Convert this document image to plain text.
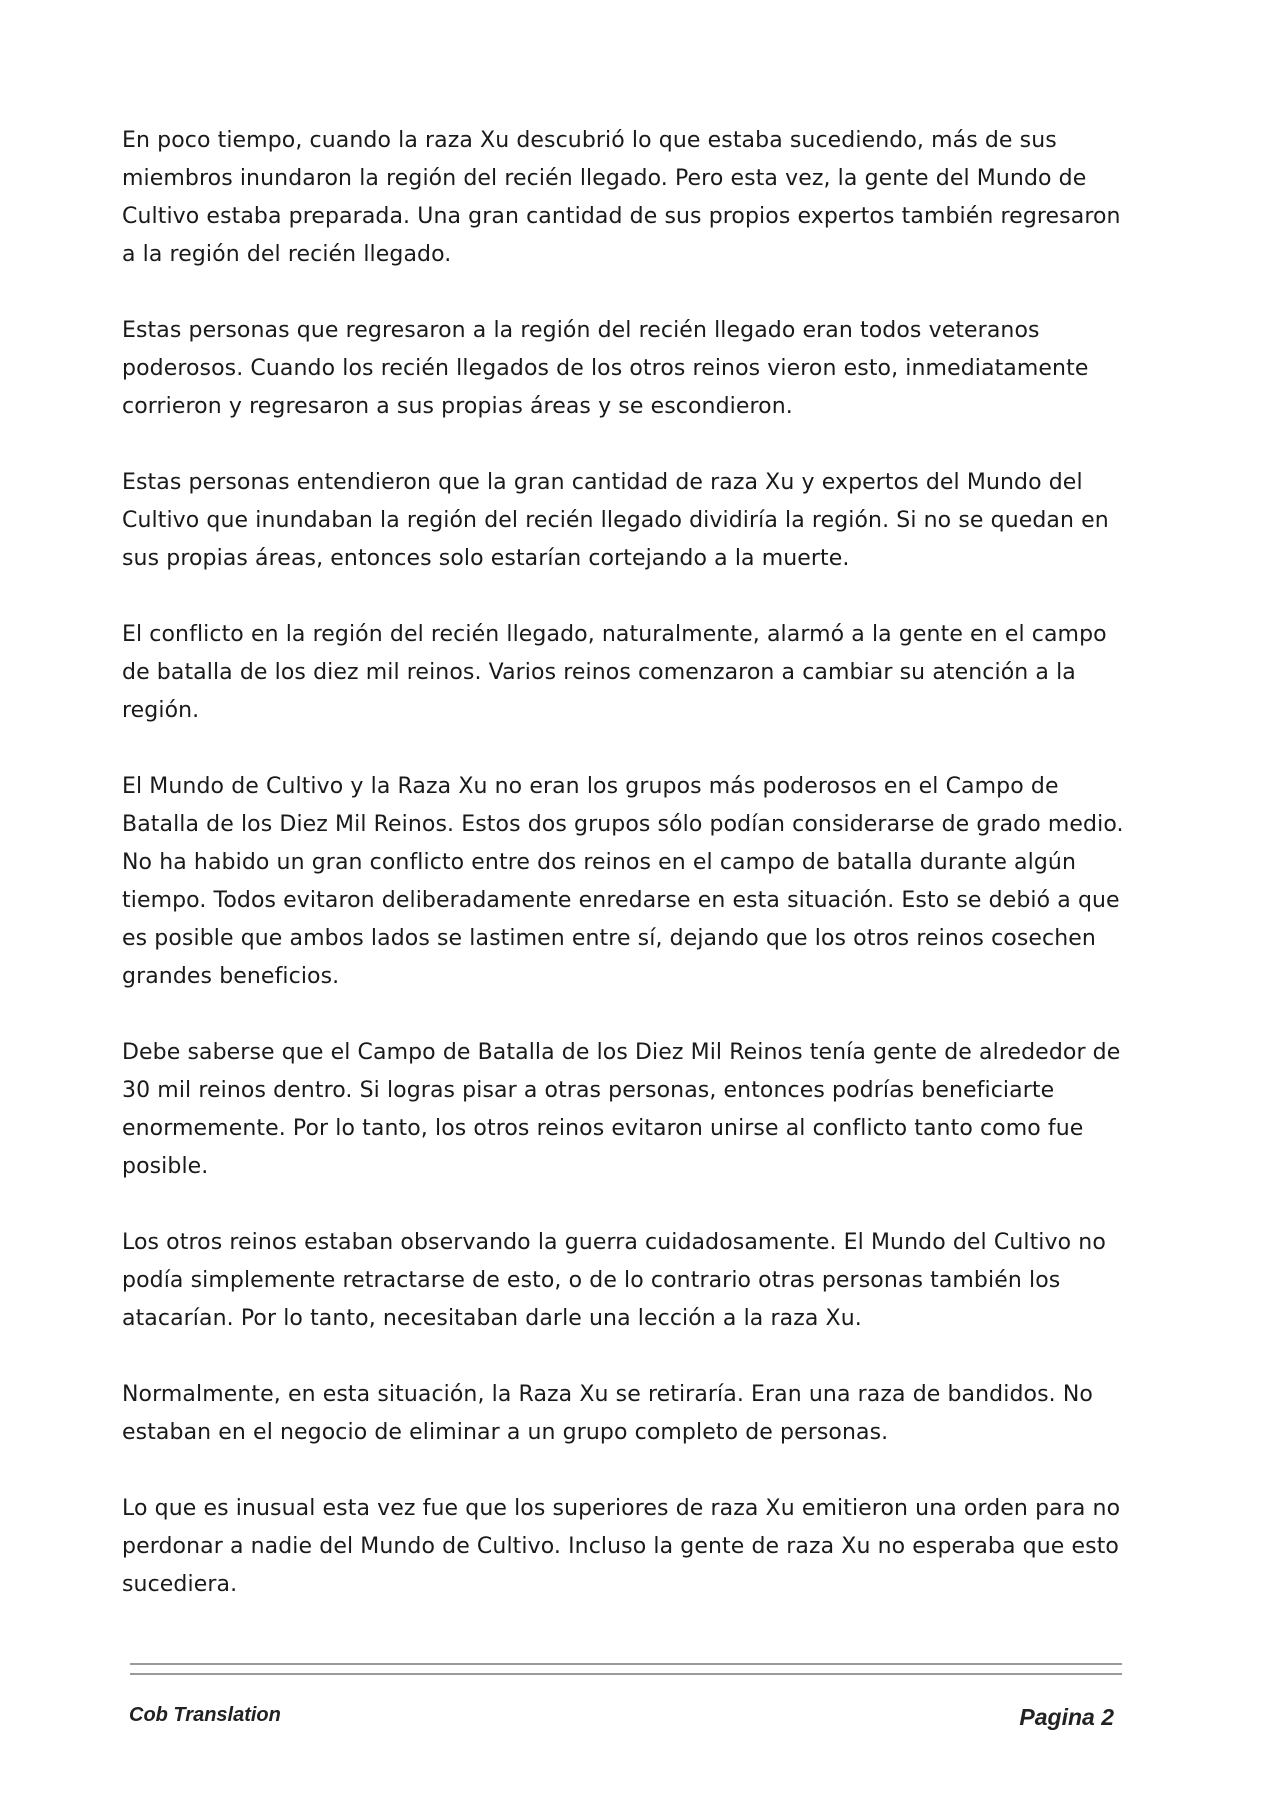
En poco tiempo, cuando la raza Xu descubrió lo que estaba sucediendo, más de sus miembros inundaron la región del recién llegado. Pero esta vez, la gente del Mundo de Cultivo estaba preparada. Una gran cantidad de sus propios expertos también regresaron a la región del recién llegado.

Estas personas que regresaron a la región del recién llegado eran todos veteranos poderosos. Cuando los recién llegados de los otros reinos vieron esto, inmediatamente corrieron y regresaron a sus propias áreas y se escondieron.

Estas personas entendieron que la gran cantidad de raza Xu y expertos del Mundo del Cultivo que inundaban la región del recién llegado dividiría la región. Si no se quedan en sus propias áreas, entonces solo estarían cortejando a la muerte.

El conflicto en la región del recién llegado, naturalmente, alarmó a la gente en el campo de batalla de los diez mil reinos. Varios reinos comenzaron a cambiar su atención a la región.

El Mundo de Cultivo y la Raza Xu no eran los grupos más poderosos en el Campo de Batalla de los Diez Mil Reinos. Estos dos grupos sólo podían considerarse de grado medio. No ha habido un gran conflicto entre dos reinos en el campo de batalla durante algún tiempo. Todos evitaron deliberadamente enredarse en esta situación. Esto se debió a que es posible que ambos lados se lastimen entre sí, dejando que los otros reinos cosechen grandes beneficios.

Debe saberse que el Campo de Batalla de los Diez Mil Reinos tenía gente de alrededor de 30 mil reinos dentro. Si logras pisar a otras personas, entonces podrías beneficiarte enormemente. Por lo tanto, los otros reinos evitaron unirse al conflicto tanto como fue posible.

Los otros reinos estaban observando la guerra cuidadosamente. El Mundo del Cultivo no podía simplemente retractarse de esto, o de lo contrario otras personas también los atacarían. Por lo tanto, necesitaban darle una lección a la raza Xu.

Normalmente, en esta situación, la Raza Xu se retiraría. Eran una raza de bandidos. No estaban en el negocio de eliminar a un grupo completo de personas.

Lo que es inusual esta vez fue que los superiores de raza Xu emitieron una orden para no perdonar a nadie del Mundo de Cultivo. Incluso la gente de raza Xu no esperaba que esto sucediera.

Cob Translation	Pagina 2
